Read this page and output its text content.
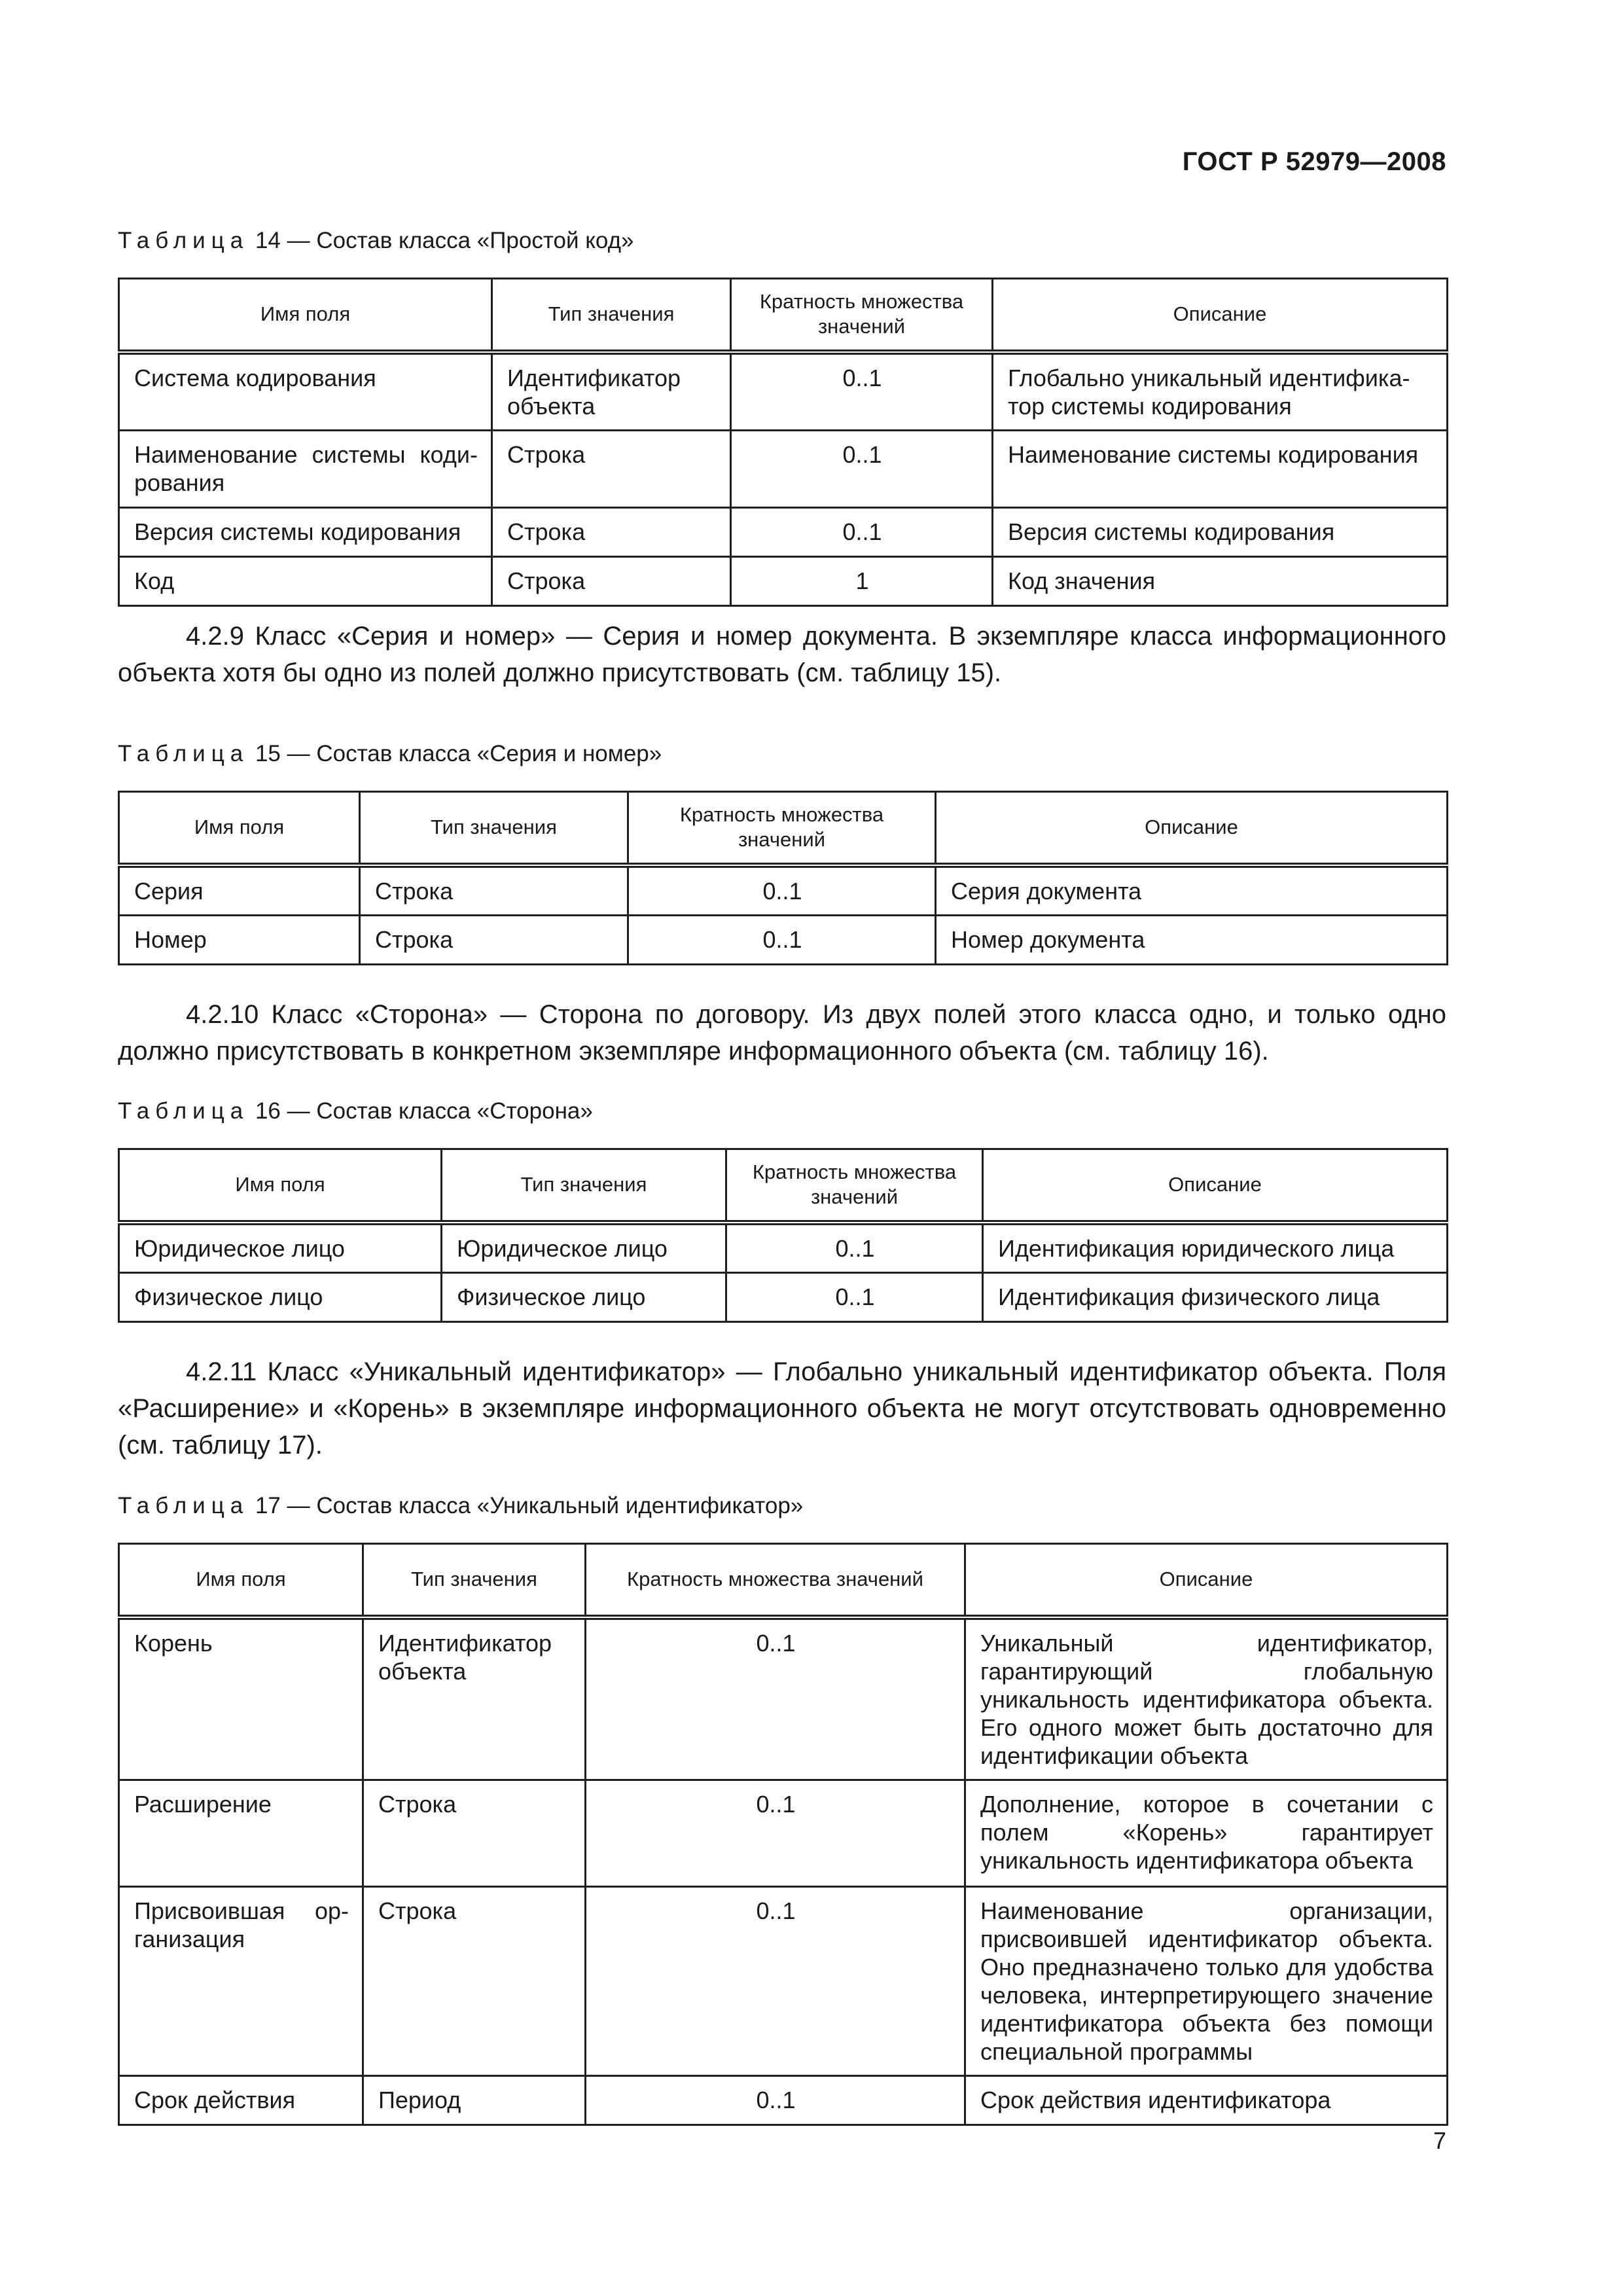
ГОСТ Р 52979—2008
Таблица 14 — Состав класса «Простой код»
Имя поля	Тип значения	Кратность множества значений	Описание
Система кодирования	Идентификатор объекта	0..1	Глобально уникальный идентификатор системы кодирования
Наименование системы кодирования	Строка	0..1	Наименование системы кодирования
Версия системы кодирования	Строка	0..1	Версия системы кодирования
Код	Строка	1	Код значения

4.2.9 Класс «Серия и номер» — Серия и номер документа. В экземпляре класса информационного объекта хотя бы одно из полей должно присутствовать (см. таблицу 15).

Таблица 15 — Состав класса «Серия и номер»
Имя поля	Тип значения	Кратность множества значений	Описание
Серия	Строка	0..1	Серия документа
Номер	Строка	0..1	Номер документа

4.2.10 Класс «Сторона» — Сторона по договору. Из двух полей этого класса одно, и только одно должно присутствовать в конкретном экземпляре информационного объекта (см. таблицу 16).

Таблица 16 — Состав класса «Сторона»
Имя поля	Тип значения	Кратность множества значений	Описание
Юридическое лицо	Юридическое лицо	0..1	Идентификация юридического лица
Физическое лицо	Физическое лицо	0..1	Идентификация физического лица

4.2.11 Класс «Уникальный идентификатор» — Глобально уникальный идентификатор объекта. Поля «Расширение» и «Корень» в экземпляре информационного объекта не могут отсутствовать одновременно (см. таблицу 17).

Таблица 17 — Состав класса «Уникальный идентификатор»
Имя поля	Тип значения	Кратность множества значений	Описание
Корень	Идентификатор объекта	0..1	Уникальный идентификатор, гарантирующий глобальную уникальность идентификатора объекта. Его одного может быть достаточно для идентификации объекта
Расширение	Строка	0..1	Дополнение, которое в сочетании с полем «Корень» гарантирует уникальность идентификатора объекта
Присвоившая организация	Строка	0..1	Наименование организации, присвоившей идентификатор объекта. Оно предназначено только для удобства человека, интерпретирующего значение идентификатора объекта без помощи специальной программы
Срок действия	Период	0..1	Срок действия идентификатора
7
